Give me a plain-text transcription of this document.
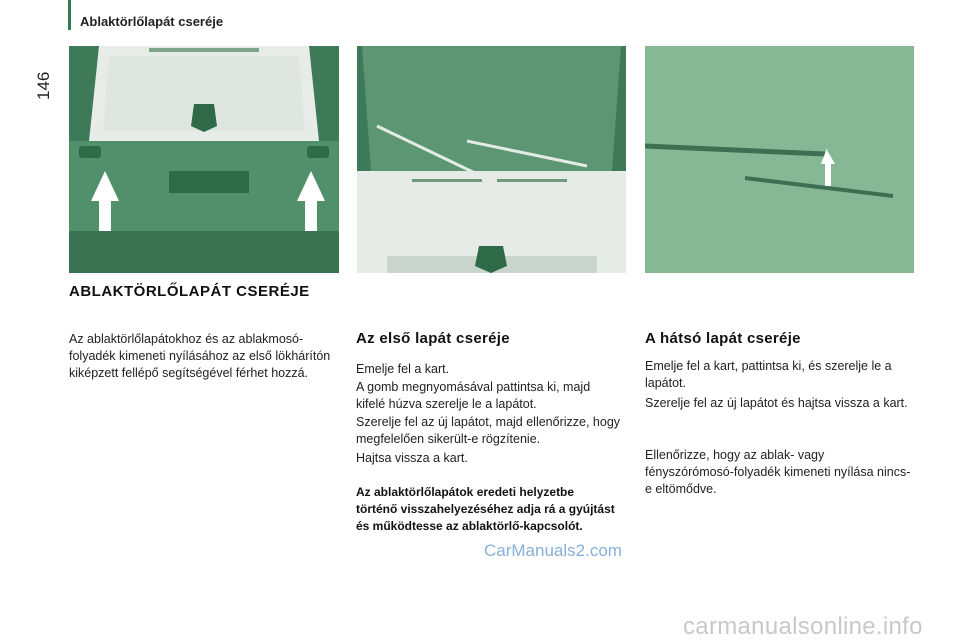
Ablaktörlőlapát cseréje
146
ABLAKTÖRLŐLAPÁT CSERÉJE

Az ablaktörlőlapátokhoz és az ablakmosó-folyadék kimeneti nyílásához az első lökhárítón kiképzett fellépő segítségével férhet hozzá.

Az első lapát cseréje

Emelje fel a kart.

A gomb megnyomásával pattintsa ki, majd kifelé húzva szerelje le a lapátot.

Szerelje fel az új lapátot, majd ellenőrizze, hogy megfelelően sikerült-e rögzítenie.

Hajtsa vissza a kart.

Az ablaktörlőlapátok eredeti helyzetbe történő visszahelyezéséhez adja rá a gyújtást és működtesse az ablaktörlő-kapcsolót.

A hátsó lapát cseréje

Emelje fel a kart, pattintsa ki, és szerelje le a lapátot.

Szerelje fel az új lapátot és hajtsa vissza a kart.

Ellenőrizze, hogy az ablak- vagy fényszórómosó-folyadék kimeneti nyílása nincs-e eltömődve.

CarManuals2.com
carmanualsonline.info
